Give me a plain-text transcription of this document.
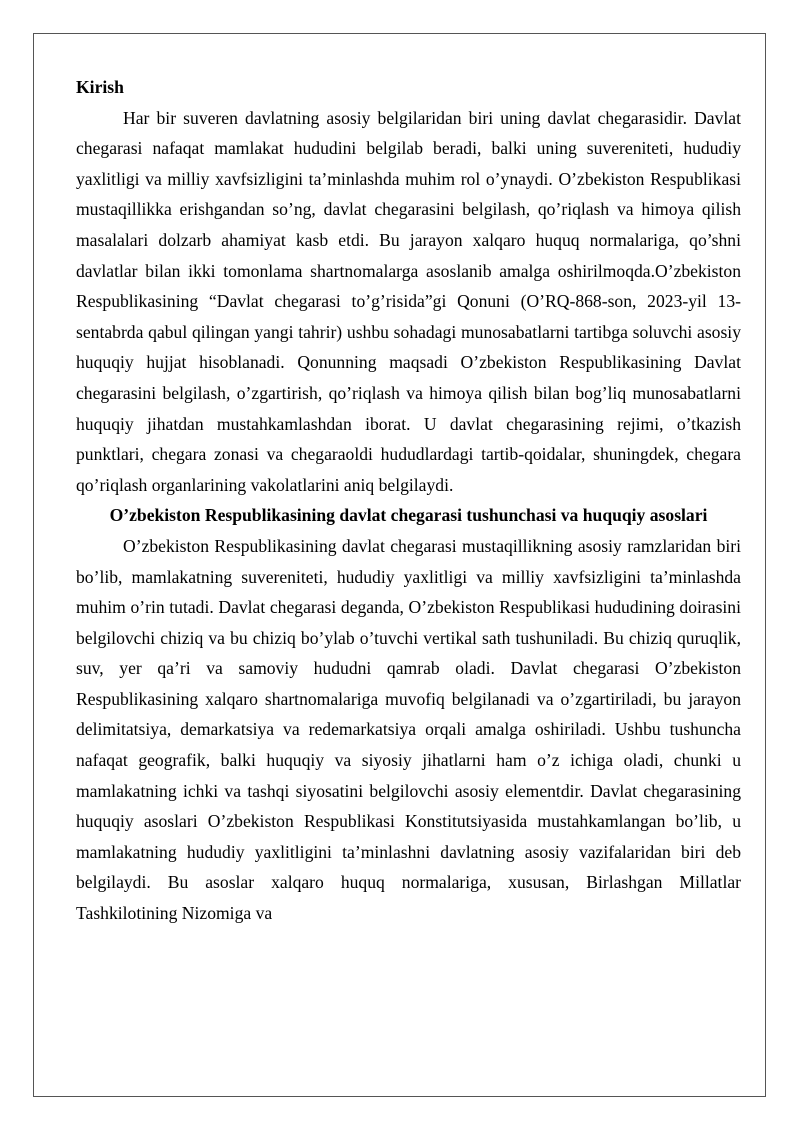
Kirish

Har bir suveren davlatning asosiy belgilaridan biri uning davlat chegarasidir. Davlat chegarasi nafaqat mamlakat hududini belgilab beradi, balki uning suvereniteti, hududiy yaxlitligi va milliy xavfsizligini ta’minlashda muhim rol o’ynaydi. O’zbekiston Respublikasi mustaqillikka erishgandan so’ng, davlat chegarasini belgilash, qo’riqlash va himoya qilish masalalari dolzarb ahamiyat kasb etdi. Bu jarayon xalqaro huquq normalariga, qo’shni davlatlar bilan ikki tomonlama shartnomalarga asoslanib amalga oshirilmoqda.O’zbekiston Respublikasining “Davlat chegarasi to’g’risida”gi Qonuni (O’RQ-868-son, 2023-yil 13-sentabrda qabul qilingan yangi tahrir) ushbu sohadagi munosabatlarni tartibga soluvchi asosiy huquqiy hujjat hisoblanadi. Qonunning maqsadi O’zbekiston Respublikasining Davlat chegarasini belgilash, o’zgartirish, qo’riqlash va himoya qilish bilan bog’liq munosabatlarni huquqiy jihatdan mustahkamlashdan iborat. U davlat chegarasining rejimi, o’tkazish punktlari, chegara zonasi va chegaraoldi hududlardagi tartib-qoidalar, shuningdek, chegara qo’riqlash organlarining vakolatlarini aniq belgilaydi.

O’zbekiston Respublikasining davlat chegarasi tushunchasi va huquqiy asoslari

O’zbekiston Respublikasining davlat chegarasi mustaqillikning asosiy ramzlaridan biri bo’lib, mamlakatning suvereniteti, hududiy yaxlitligi va milliy xavfsizligini ta’minlashda muhim o’rin tutadi. Davlat chegarasi deganda, O’zbekiston Respublikasi hududining doirasini belgilovchi chiziq va bu chiziq bo’ylab o’tuvchi vertikal sath tushuniladi. Bu chiziq quruqlik, suv, yer qa’ri va samoviy hududni qamrab oladi. Davlat chegarasi O’zbekiston Respublikasining xalqaro shartnomalariga muvofiq belgilanadi va o’zgartiriladi, bu jarayon delimitatsiya, demarkatsiya va redemarkatsiya orqali amalga oshiriladi. Ushbu tushuncha nafaqat geografik, balki huquqiy va siyosiy jihatlarni ham o’z ichiga oladi, chunki u mamlakatning ichki va tashqi siyosatini belgilovchi asosiy elementdir. Davlat chegarasining huquqiy asoslari O’zbekiston Respublikasi Konstitutsiyasida mustahkamlangan bo’lib, u mamlakatning hududiy yaxlitligini ta’minlashni davlatning asosiy vazifalaridan biri deb belgilaydi. Bu asoslar xalqaro huquq normalariga, xususan, Birlashgan Millatlar Tashkilotining Nizomiga va
